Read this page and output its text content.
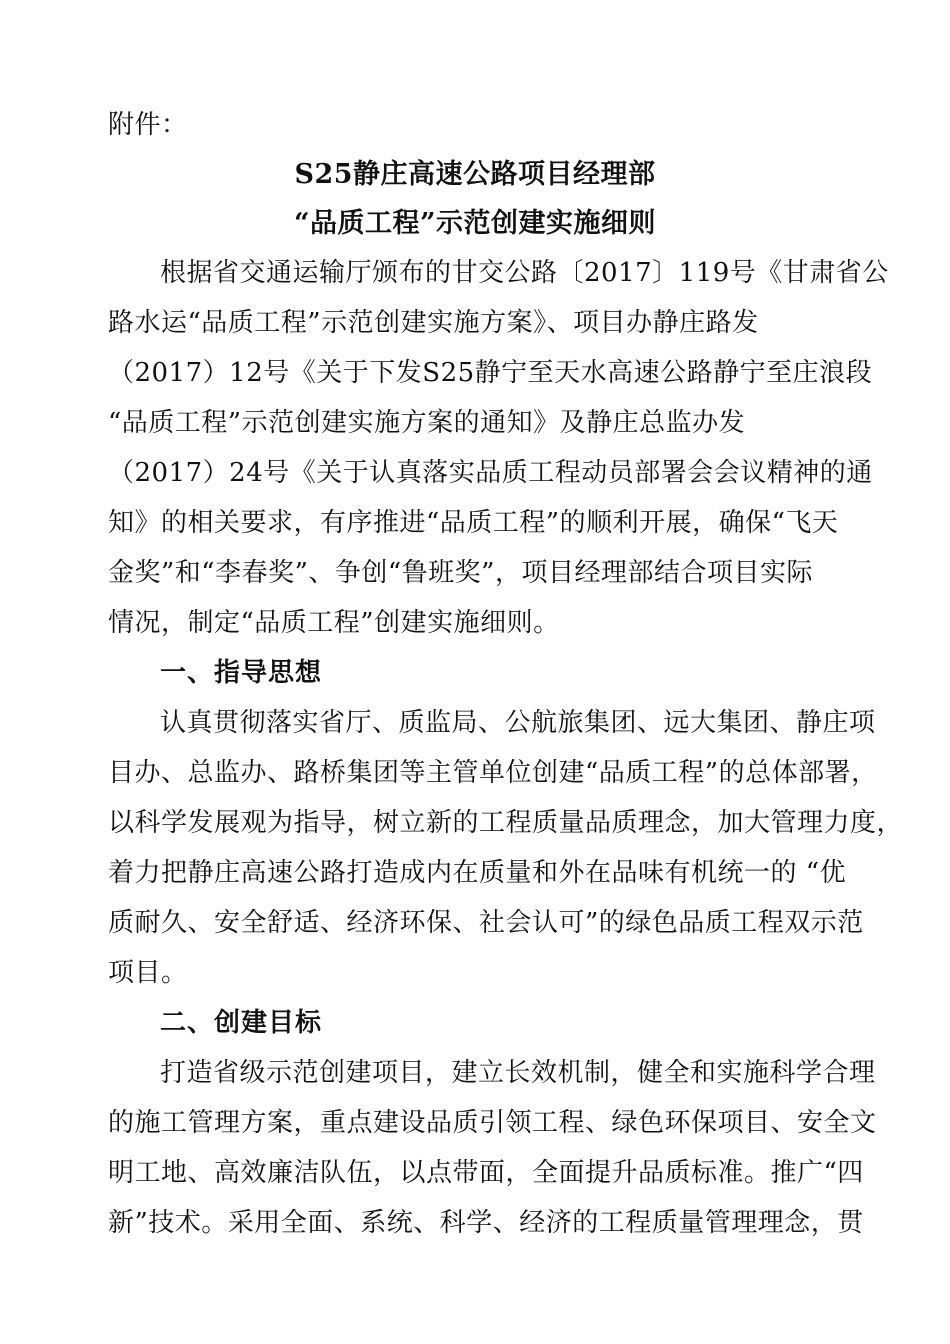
附件：
S25静庄高速公路项目经理部
“品质工程”示范创建实施细则
根据省交通运输厅颁布的甘交公路〔2017〕119号《甘肃省公
路水运“品质工程”示范创建实施方案》、项目办静庄路发
（2017）12号《关于下发S25静宁至天水高速公路静宁至庄浪段
“品质工程”示范创建实施方案的通知》及静庄总监办发
（2017）24号《关于认真落实品质工程动员部署会会议精神的通
知》的相关要求，有序推进“品质工程”的顺利开展，确保“飞天
金奖”和“李春奖”、争创“鲁班奖”，项目经理部结合项目实际
情况，制定“品质工程”创建实施细则。
一、指导思想
认真贯彻落实省厅、质监局、公航旅集团、远大集团、静庄项
目办、总监办、路桥集团等主管单位创建“品质工程”的总体部署，
以科学发展观为指导，树立新的工程质量品质理念，加大管理力度，
着力把静庄高速公路打造成内在质量和外在品味有机统一的 “优
质耐久、安全舒适、经济环保、社会认可”的绿色品质工程双示范
项目。
二、创建目标
打造省级示范创建项目，建立长效机制，健全和实施科学合理
的施工管理方案，重点建设品质引领工程、绿色环保项目、安全文
明工地、高效廉洁队伍，以点带面，全面提升品质标准。推广“四
新”技术。采用全面、系统、科学、经济的工程质量管理理念，贯
